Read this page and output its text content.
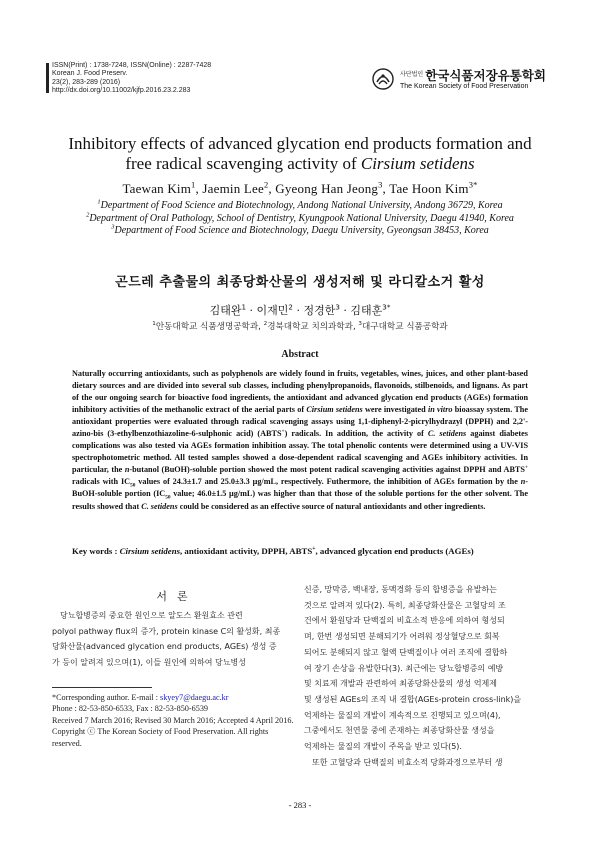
ISSN(Print) : 1738-7248, ISSN(Online) : 2287-7428
Korean J. Food Preserv.
23(2), 283-289 (2016)
http://dx.doi.org/10.11002/kjfp.2016.23.2.283
$^{사단법인}$ 한국식품저장유통학회
The Korean Society of Food Preservation
Inhibitory effects of advanced glycation end products formation and
free radical scavenging activity of Cirsium setidens
Taewan Kim$^1$, Jaemin Lee$^2$, Gyeong Han Jeong$^3$, Tae Hoon Kim$^{3*}$
$^1$Department of Food Science and Biotechnology, Andong National University, Andong 36729, Korea
$^2$Department of Oral Pathology, School of Dentistry, Kyungpook National University, Daegu 41940, Korea
$^3$Department of Food Science and Biotechnology, Daegu University, Gyeongsan 38453, Korea
곤드레 추출물의 최종당화산물의 생성저해 및 라디칼소거 활성
김태완$^1$ · 이재민$^2$ · 정경한$^3$ · 김태훈$^{3*}$
$^1$안동대학교 식품생명공학과, $^2$경북대학교 치의과학과, $^3$대구대학교 식품공학과
Abstract

Naturally occurring antioxidants, such as polyphenols are widely found in fruits, vegetables, wines, juices, and other plant-based dietary sources and are divided into several sub classes, including phenylpropanoids, flavonoids, stilbenoids, and lignans. As part of the our ongoing search for bioactive food ingredients, the antioxidant and advanced glycation end products (AGEs) formation inhibitory activities of the methanolic extract of the aerial parts of Cirsium setidens were investigated in vitro bioassay system. The antioxidant properties were evaluated through radical scavenging assays using 1,1-diphenyl-2-picrylhydrazyl (DPPH) and 2,2'-azino-bis (3-ethylbenzothiazoline-6-sulphonic acid) (ABTS+) radicals. In addition, the activity of C. setidens against diabetes complications was also tested via AGEs formation inhibition assay. The total phenolic contents were determined using a UV-VIS spectrophotometric method. All tested samples showed a dose-dependent radical scavenging and AGEs inhibitory activities. In particular, the n-butanol (BuOH)-soluble portion showed the most potent radical scavenging activities against DPPH and ABTS+ radicals with $IC_{50}$ values of 24.3±1.7 and 25.0±3.3 µg/mL, respectively. Futhermore, the inhibition of AGEs formation by the n-BuOH-soluble portion ($IC_{50}$ value; 46.0±1.5 µg/mL) was higher than that those of the soluble portions for the other solvent. The results showed that C. setidens could be considered as an effective source of natural antioxidants and other ingredients.

Key words : Cirsium setidens, antioxidant activity, DPPH, ABTS+, advanced glycation end products (AGEs)
서론

당뇨합병증의 중요한 원인으로 알도스 환원효소 관련

polyol pathway flux의 증가, protein kinase C의 활성화, 최종

당화산물(advanced glycation end products, AGEs) 생성 증

가 등이 알려져 있으며(1), 이들 원인에 의하여 당뇨병성

*Corresponding author. E-mail : skyey7@daegu.ac.kr

Phone : 82-53-850-6533, Fax : 82-53-850-6539

Received 7 March 2016; Revised 30 March 2016; Accepted 4 April 2016.

Copyright ⓒ The Korean Society of Food Preservation. All rights reserved.

신증, 망막증, 백내장, 동맥경화 등의 합병증을 유발하는

것으로 알려져 있다(2). 특히, 최종당화산물은 고혈당의 조

건에서 환원당과 단백질의 비효소적 반응에 의하여 형성되

며, 한번 생성되면 분해되기가 어려워 정상혈당으로 회복

되어도 분해되지 않고 혈액 단백질이나 여러 조직에 결합하

여 장기 손상을 유발한다(3). 최근에는 당뇨합병증의 예방

및 치료제 개발과 관련하여 최종당화산물의 생성 억제제

및 생성된 AGEs의 조직 내 결합(AGEs-protein cross-link)을

억제하는 물질의 개발이 계속적으로 진행되고 있으며(4),

그중에서도 천연물 중에 존재하는 최종당화산물 생성을

억제하는 물질의 개발이 주목을 받고 있다(5).

또한 고혈당과 단백질의 비효소적 당화과정으로부터 생

- 283 -
